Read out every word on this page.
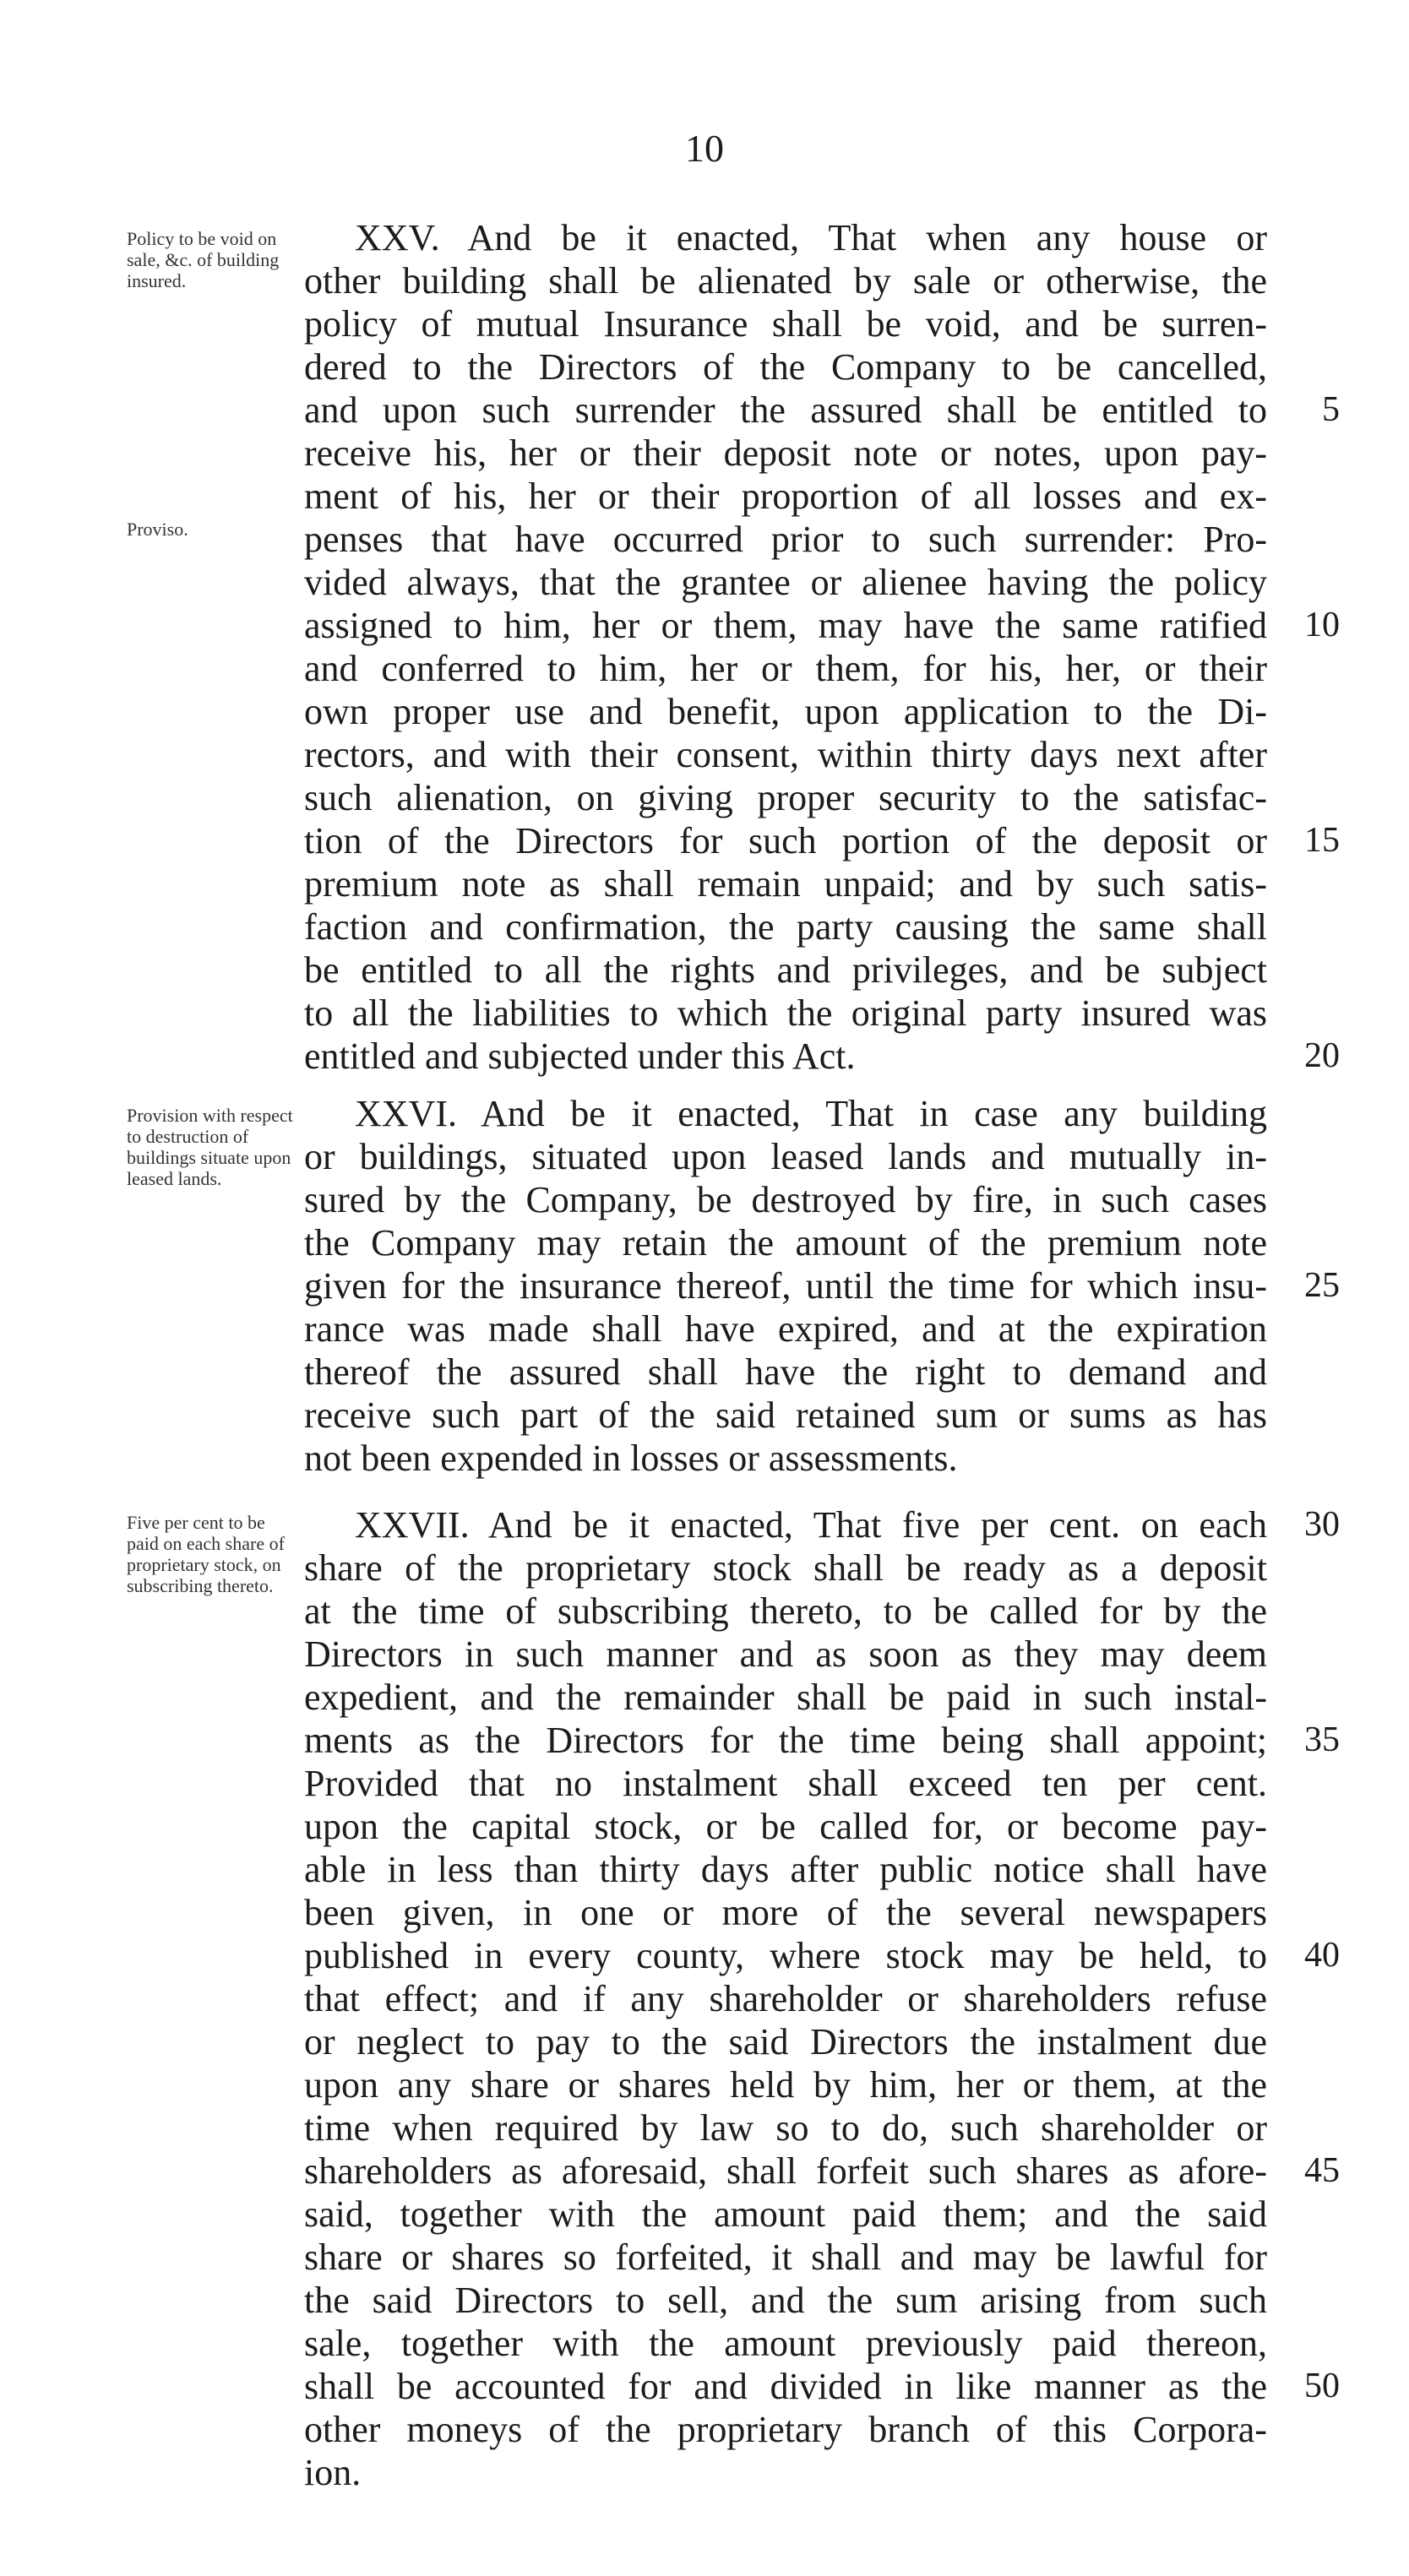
10
Policy to be void on sale, &c. of building insured.
Proviso.
Provision with respect to destruction of buildings situate upon leased lands.
Five per cent to be paid on each share of proprietary stock, on subscribing thereto.
XXV. And be it enacted, That when any house or
other building shall be alienated by sale or otherwise, the
policy of mutual Insurance shall be void, and be surren-
dered to the Directors of the Company to be cancelled,
and upon such surrender the assured shall be entitled to
receive his, her or their deposit note or notes, upon pay-
ment of his, her or their proportion of all losses and ex-
penses that have occurred prior to such surrender: Pro-
vided always, that the grantee or alienee having the policy
assigned to him, her or them, may have the same ratified
and conferred to him, her or them, for his, her, or their
own proper use and benefit, upon application to the Di-
rectors, and with their consent, within thirty days next after
such alienation, on giving proper security to the satisfac-
tion of the Directors for such portion of the deposit or
premium note as shall remain unpaid; and by such satis-
faction and confirmation, the party causing the same shall
be entitled to all the rights and privileges, and be subject
to all the liabilities to which the original party insured was
entitled and subjected under this Act.
XXVI. And be it enacted, That in case any building
or buildings, situated upon leased lands and mutually in-
sured by the Company, be destroyed by fire, in such cases
the Company may retain the amount of the premium note
given for the insurance thereof, until the time for which insu-
rance was made shall have expired, and at the expiration
thereof the assured shall have the right to demand and
receive such part of the said retained sum or sums as has
not been expended in losses or assessments.
XXVII. And be it enacted, That five per cent. on each
share of the proprietary stock shall be ready as a deposit
at the time of subscribing thereto, to be called for by the
Directors in such manner and as soon as they may deem
expedient, and the remainder shall be paid in such instal-
ments as the Directors for the time being shall appoint;
Provided that no instalment shall exceed ten per cent.
upon the capital stock, or be called for, or become pay-
able in less than thirty days after public notice shall have
been given, in one or more of the several newspapers
published in every county, where stock may be held, to
that effect; and if any shareholder or shareholders refuse
or neglect to pay to the said Directors the instalment due
upon any share or shares held by him, her or them, at the
time when required by law so to do, such shareholder or
shareholders as aforesaid, shall forfeit such shares as afore-
said, together with the amount paid them; and the said
share or shares so forfeited, it shall and may be lawful for
the said Directors to sell, and the sum arising from such
sale, together with the amount previously paid thereon,
shall be accounted for and divided in like manner as the
other moneys of the proprietary branch of this Corpora-
ion.
5
10
15
20
25
30
35
40
45
50
